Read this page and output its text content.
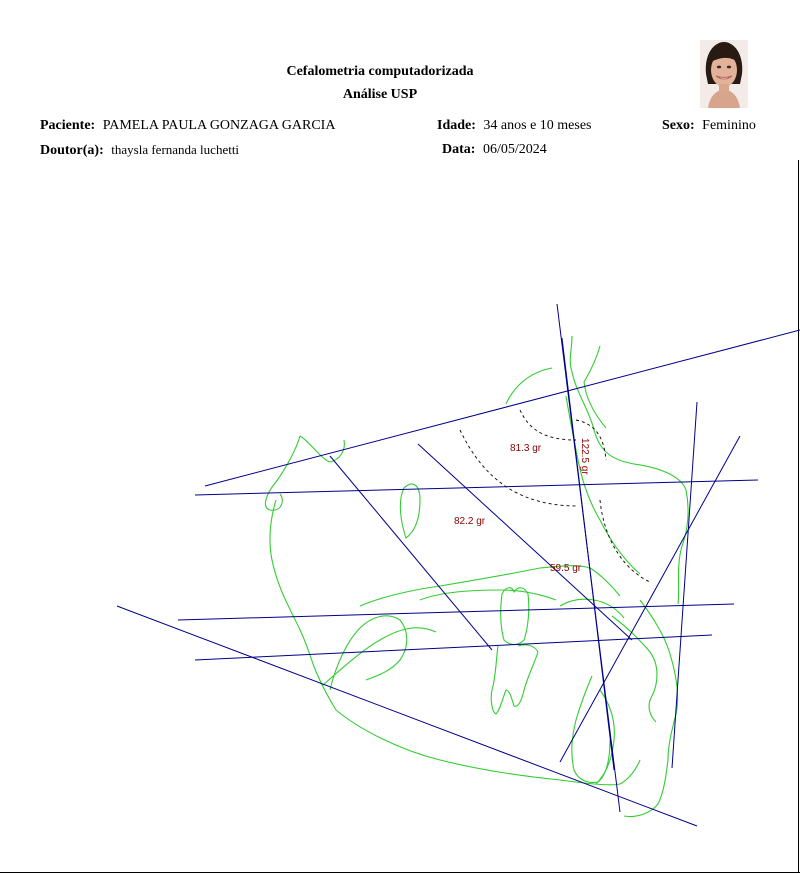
Cefalometria computadorizada
Análise USP
Paciente: PAMELA PAULA GONZAGA GARCIA	Idade: 34 anos e 10 meses	Sexo: Feminino
Doutor(a): thaysla fernanda luchetti	Data: 06/05/2024
81.3 gr	122.5 gr
82.2 gr
59.5 gr
